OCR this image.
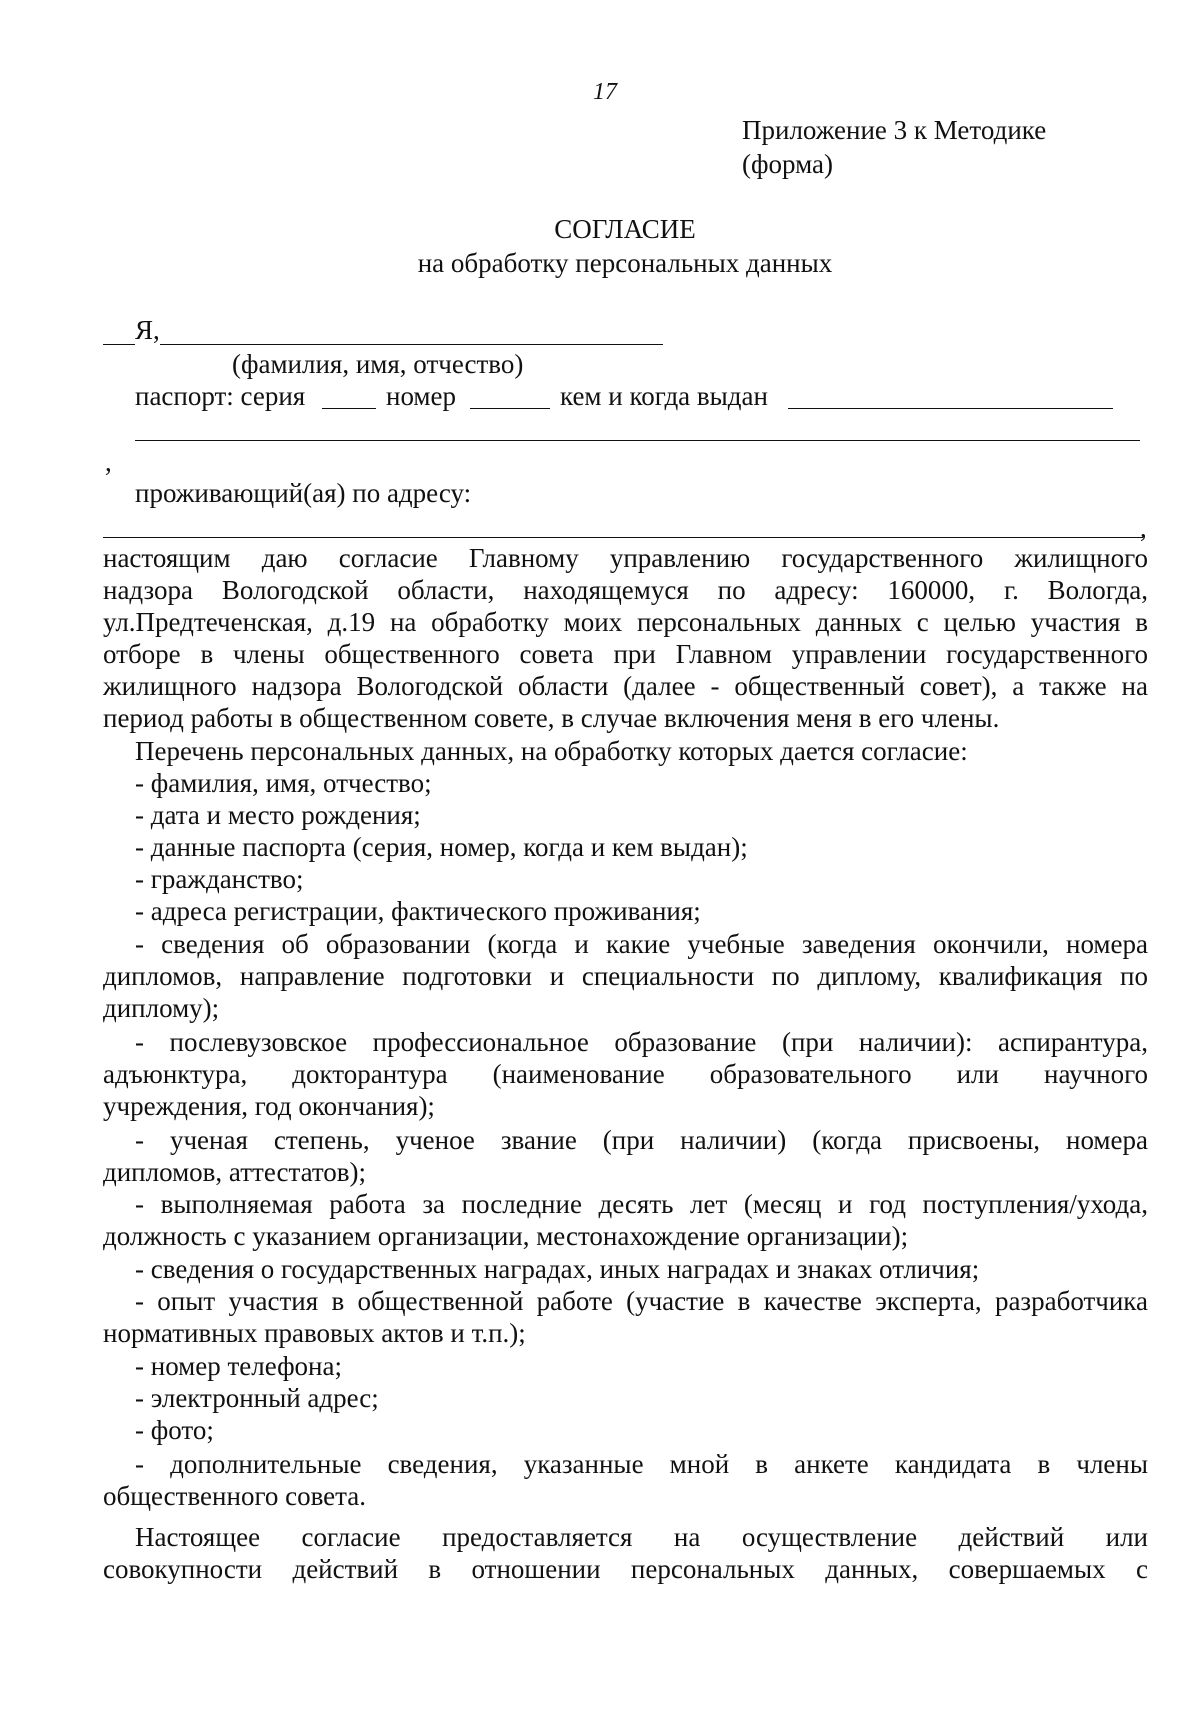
17
Приложение 3 к Методике
(форма)
СОГЛАСИЕ
на обработку персональных данных
Я,
(фамилия, имя, отчество)
паспорт: серия	номер	кем и когда выдан
,
проживающий(ая) по адресу:
,
настоящим даю согласие Главному управлению государственного жилищного
надзора Вологодской области, находящемуся по адресу: 160000, г. Вологда,
ул.Предтеченская, д.19 на обработку моих персональных данных с целью участия в
отборе в члены общественного совета при Главном управлении государственного
жилищного надзора Вологодской области (далее - общественный совет), а также на
период работы в общественном совете, в случае включения меня в его члены.
Перечень персональных данных, на обработку которых дается согласие:
- фамилия, имя, отчество;
- дата и место рождения;
- данные паспорта (серия, номер, когда и кем выдан);
- гражданство;
- адреса регистрации, фактического проживания;
- сведения об образовании (когда и какие учебные заведения окончили, номера
дипломов, направление подготовки и специальности по диплому, квалификация по
диплому);
- послевузовское профессиональное образование (при наличии): аспирантура,
адъюнктура, докторантура (наименование образовательного или научного
учреждения, год окончания);
- ученая степень, ученое звание (при наличии) (когда присвоены, номера
дипломов, аттестатов);
- выполняемая работа за последние десять лет (месяц и год поступления/ухода,
должность с указанием организации, местонахождение организации);
- сведения о государственных наградах, иных наградах и знаках отличия;
- опыт участия в общественной работе (участие в качестве эксперта, разработчика
нормативных правовых актов и т.п.);
- номер телефона;
- электронный адрес;
- фото;
- дополнительные сведения, указанные мной в анкете кандидата в члены
общественного совета.
Настоящее согласие предоставляется на осуществление действий или
совокупности действий в отношении персональных данных, совершаемых с
